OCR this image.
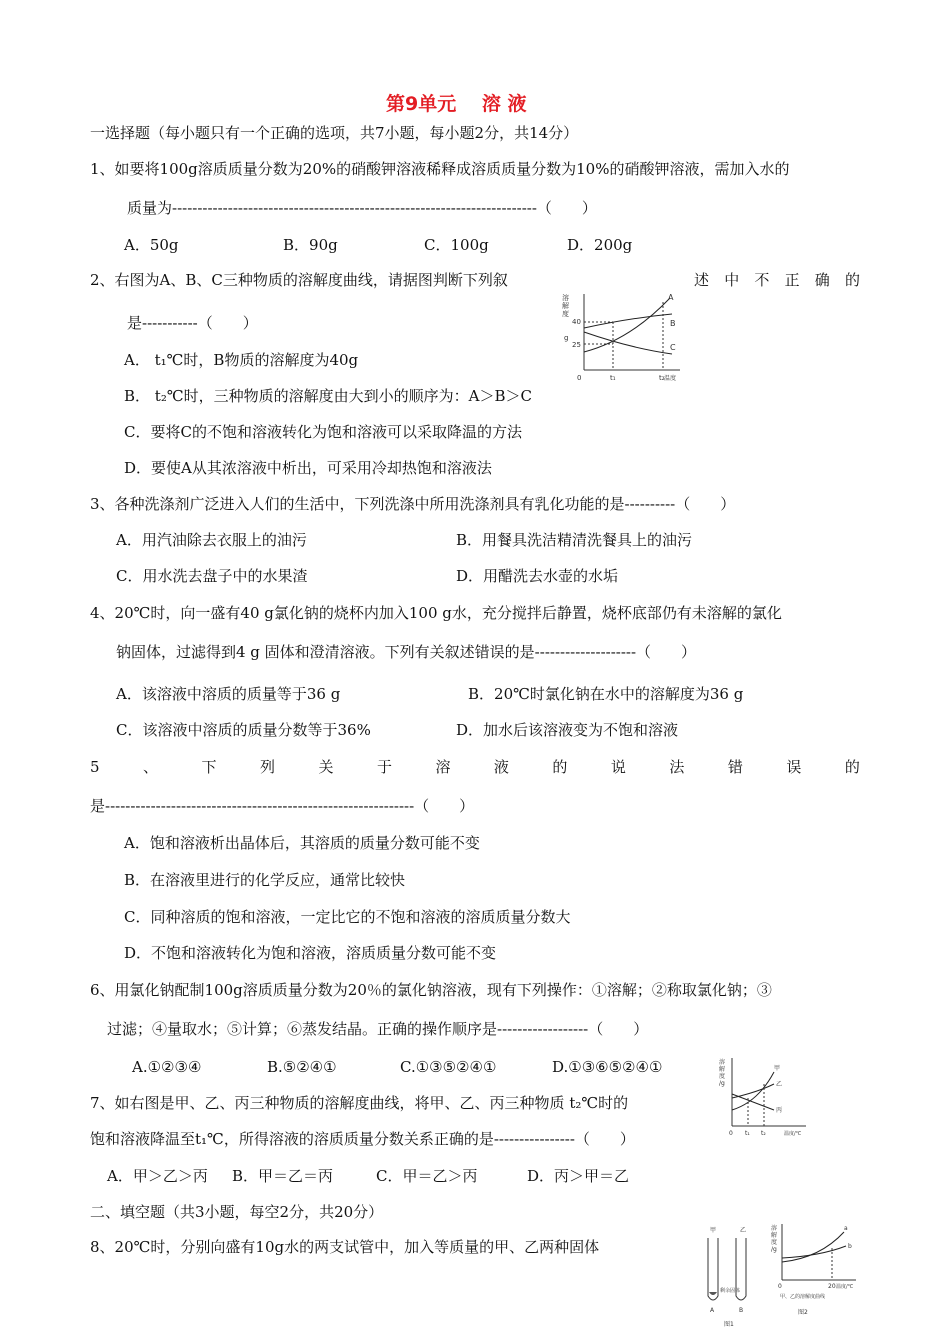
第9单元 　溶 液
一选择题（每小题只有一个正确的选项，共7小题，每小题2分，共14分）
1、如要将100g溶质质量分数为20%的硝酸钾溶液稀释成溶质质量分数为10%的硝酸钾溶液，需加入水的
质量为------------------------------------------------------------------------（　　）
A．50g	B．90g	C．100g	D．200g
2、右图为A、B、C三种物质的溶解度曲线，请据图判断下列叙	述 中 不 正 确 的
是-----------（　　）
溶
解
度
g
40
25
0
A
B
C
t₁	t₂ 温度
A． t₁℃时，B物质的溶解度为40g
B． t₂℃时，三种物质的溶解度由大到小的顺序为：A＞B＞C
C．要将C的不饱和溶液转化为饱和溶液可以采取降温的方法
D．要使A从其浓溶液中析出，可采用冷却热饱和溶液法
3、各种洗涤剂广泛进入人们的生活中，下列洗涤中所用洗涤剂具有乳化功能的是----------（　　）
A．用汽油除去衣服上的油污	B．用餐具洗洁精清洗餐具上的油污
C．用水洗去盘子中的水果渣	D．用醋洗去水壶的水垢
4、20℃时，向一盛有40 g氯化钠的烧杯内加入100 g水，充分搅拌后静置，烧杯底部仍有未溶解的氯化
钠固体，过滤得到4 g 固体和澄清溶液。下列有关叙述错误的是--------------------（　　）
A．该溶液中溶质的质量等于36 g	B．20℃时氯化钠在水中的溶解度为36 g
C．该溶液中溶质的质量分数等于36%	D．加水后该溶液变为不饱和溶液
5	、	下	列	关	于	溶	液	的	说	法	错	误	的
是-------------------------------------------------------------（　　）
A．饱和溶液析出晶体后，其溶质的质量分数可能不变
B．在溶液里进行的化学反应，通常比较快
C．同种溶质的饱和溶液，一定比它的不饱和溶液的溶质质量分数大
D．不饱和溶液转化为饱和溶液，溶质质量分数可能不变
6、用氯化钠配制100g溶质质量分数为20％的氯化钠溶液，现有下列操作：①溶解；②称取氯化钠；③
过滤；④量取水；⑤计算；⑥蒸发结晶。正确的操作顺序是------------------（　　）
A.①②③④	B.⑤②④①	C.①③⑤②④①	D.①③⑥⑤②④①	溶
解
度
/g
甲
乙
丙
0 t₁ t₂	温度/℃
7、如右图是甲、乙、丙三种物质的溶解度曲线，将甲、乙、丙三种物质 t₂℃时的
饱和溶液降温至t₁℃，所得溶液的溶质质量分数关系正确的是----------------（　　）
A．甲＞乙＞丙 B．甲＝乙＝丙	C．甲＝乙＞丙	D．丙＞甲＝乙
二、填空题（共3小题，每空2分，共20分）
8、20℃时，分别向盛有10g水的两支试管中，加入等质量的甲、乙两种固体
甲	乙
剩余固体
A	B
图1
溶
解
度
/g
a
b
0	20 温度/℃
甲、乙的溶解度曲线
图2
